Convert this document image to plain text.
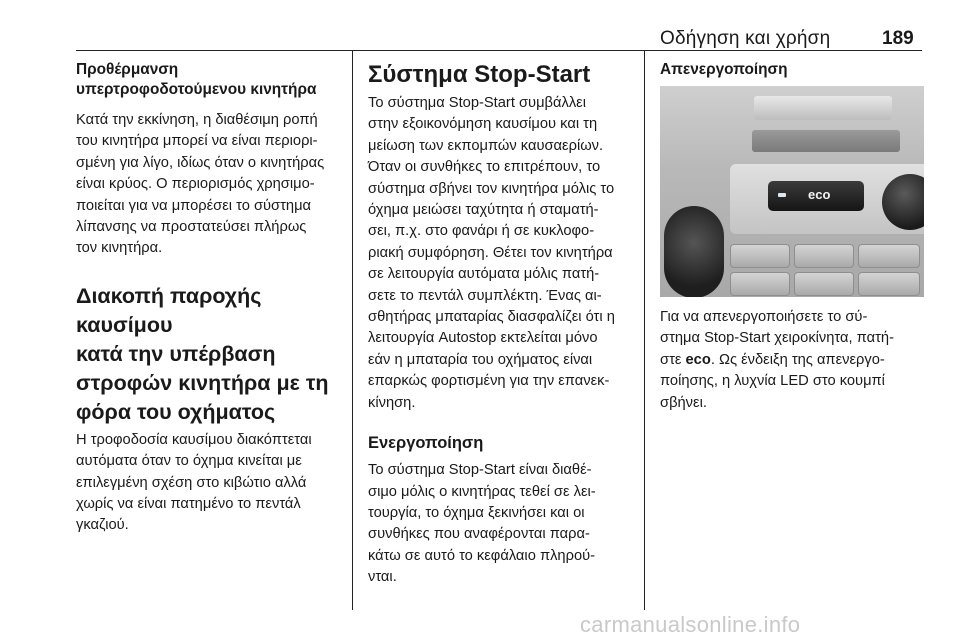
Οδήγηση και χρήση	189

Προθέρμανση
υπερτροφοδοτούμενου κινητήρα

Κατά την εκκίνηση, η διαθέσιμη ροπή
του κινητήρα μπορεί να είναι περιορι-
σμένη για λίγο, ιδίως όταν ο κινητήρας
είναι κρύος. Ο περιορισμός χρησιμο-
ποιείται για να μπορέσει το σύστημα
λίπανσης να προστατεύσει πλήρως
τον κινητήρα.

Διακοπή παροχής καυσίμου
κατά την υπέρβαση
στροφών κινητήρα με τη
φόρα του οχήματος

Η τροφοδοσία καυσίμου διακόπτεται
αυτόματα όταν το όχημα κινείται με
επιλεγμένη σχέση στο κιβώτιο αλλά
χωρίς να είναι πατημένο το πεντάλ
γκαζιού.

Σύστημα Stop-Start

Το σύστημα Stop-Start συμβάλλει
στην εξοικονόμηση καυσίμου και τη
μείωση των εκπομπών καυσαερίων.
Όταν οι συνθήκες το επιτρέπουν, το
σύστημα σβήνει τον κινητήρα μόλις το
όχημα μειώσει ταχύτητα ή σταματή-
σει, π.χ. στο φανάρι ή σε κυκλοφο-
ριακή συμφόρηση. Θέτει τον κινητήρα
σε λειτουργία αυτόματα μόλις πατή-
σετε το πεντάλ συμπλέκτη. Ένας αι-
σθητήρας μπαταρίας διασφαλίζει ότι η
λειτουργία Autostop εκτελείται μόνο
εάν η μπαταρία του οχήματος είναι
επαρκώς φορτισμένη για την επανεκ-
κίνηση.

Ενεργοποίηση

Το σύστημα Stop-Start είναι διαθέ-
σιμο μόλις ο κινητήρας τεθεί σε λει-
τουργία, το όχημα ξεκινήσει και οι
συνθήκες που αναφέρονται παρα-
κάτω σε αυτό το κεφάλαιο πληρού-
νται.

Απενεργοποίηση

eco

Για να απενεργοποιήσετε το σύ-
στημα Stop-Start χειροκίνητα, πατή-
στε eco. Ως ένδειξη της απενεργο-
ποίησης, η λυχνία LED στο κουμπί
σβήνει.

carmanualsonline.info
